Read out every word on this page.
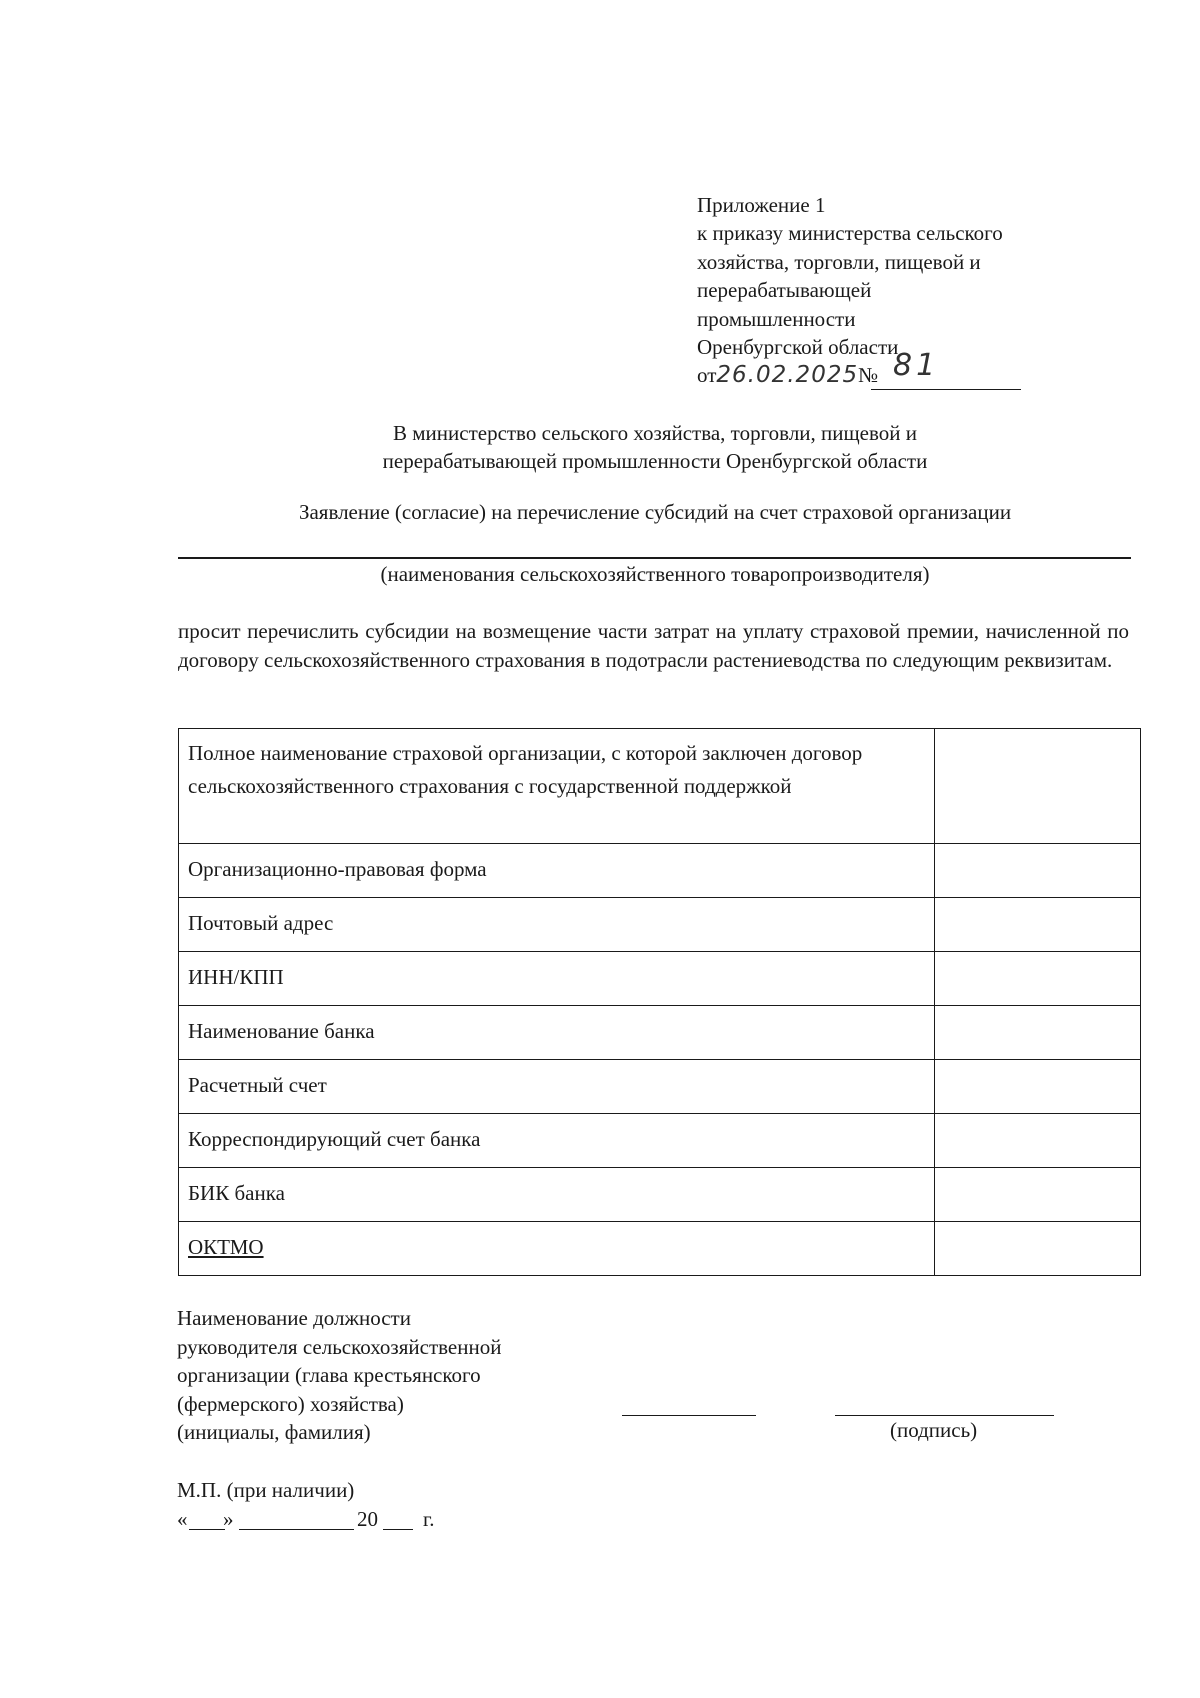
Приложение 1
к приказу министерства сельского
хозяйства, торговли, пищевой и
перерабатывающей
промышленности
Оренбургской области
от26.02.2025№ 81
В министерство сельского хозяйства, торговли, пищевой и
перерабатывающей промышленности Оренбургской области
Заявление (согласие) на перечисление субсидий на счет страховой организации
(наименования сельскохозяйственного товаропроизводителя)
просит перечислить субсидии на возмещение части затрат на уплату страховой премии, начисленной по договору сельскохозяйственного страхования в подотрасли растениеводства по следующим реквизитам.
Полное наименование страховой организации, с которой заключен договор сельскохозяйственного страхования с государственной поддержкой	
Организационно-правовая форма	
Почтовый адрес	
ИНН/КПП	
Наименование банка	
Расчетный счет	
Корреспондирующий счет банка	
БИК банка	
ОКТМО	
Наименование должности
руководителя сельскохозяйственной
организации (глава крестьянского
(фермерского) хозяйства)
(инициалы, фамилия)	(подпись)
М.П. (при наличии)
« »	20 г.
